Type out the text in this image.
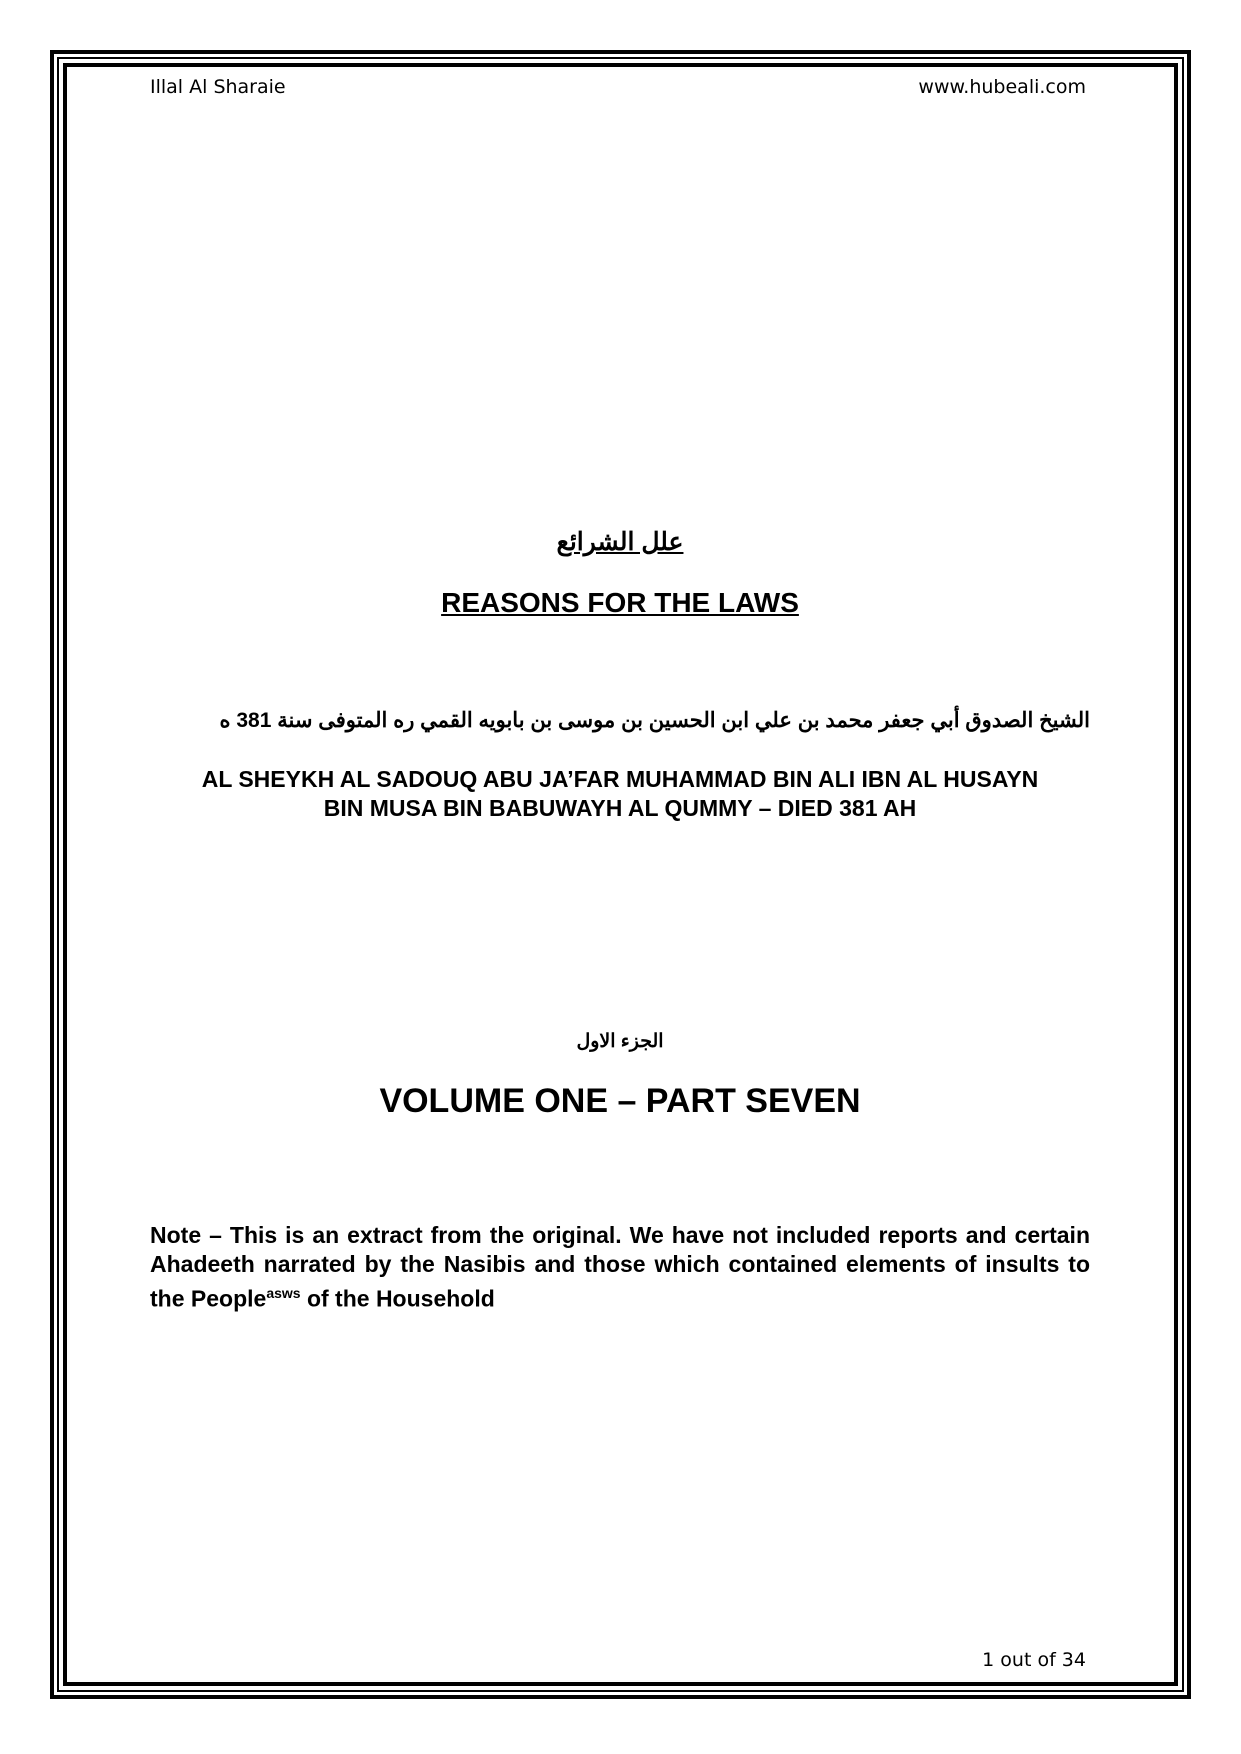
Illal Al Sharaie	www.hubeali.com
علل الشرائع
REASONS FOR THE LAWS
الشيخ الصدوق أبي جعفر محمد بن علي ابن الحسين بن موسى بن بابويه القمي ره المتوفى سنة 381 ه
AL SHEYKH AL SADOUQ ABU JA’FAR MUHAMMAD BIN ALI IBN AL HUSAYN
BIN MUSA BIN BABUWAYH AL QUMMY – DIED 381 AH
الجزء الاول
VOLUME ONE – PART SEVEN
Note – This is an extract from the original. We have not included reports and certain Ahadeeth narrated by the Nasibis and those which contained elements of insults to the People$^{asws}$ of the Household
1 out of 34
